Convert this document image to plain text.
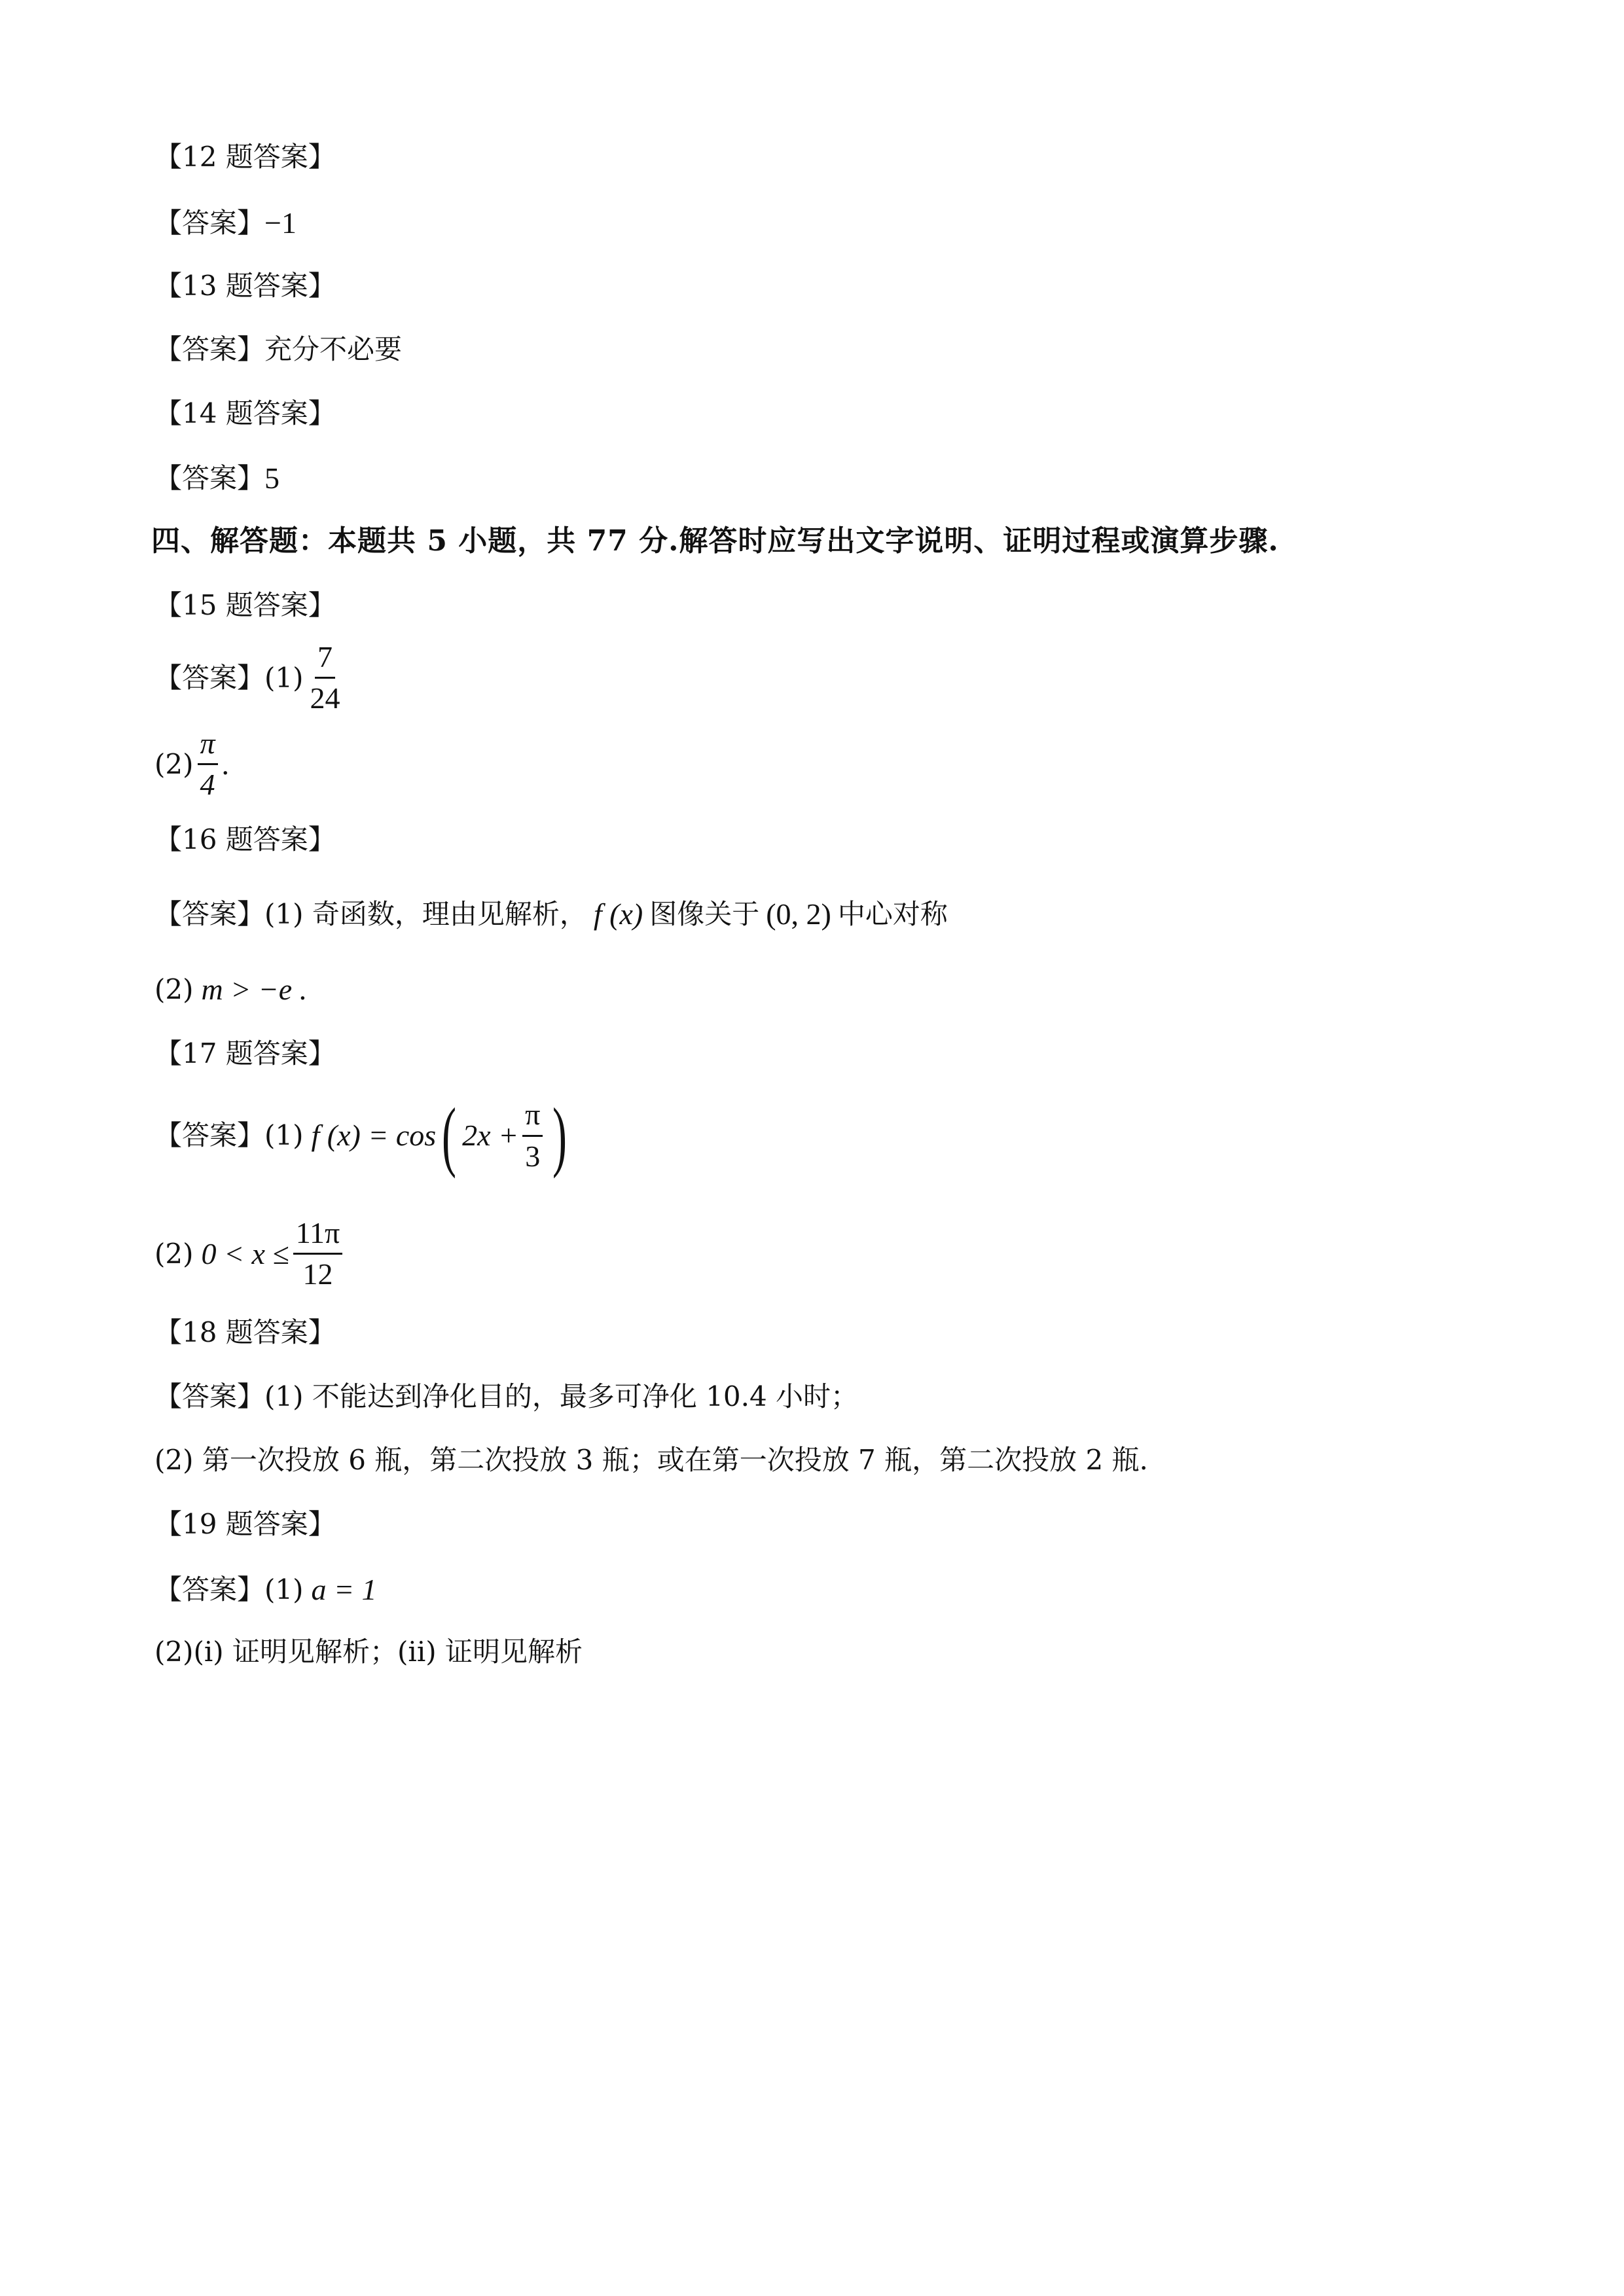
【12 题答案】
【答案】 −1
【13 题答案】
【答案】充分不必要
【14 题答案】
【答案】 5
四、解答题：本题共 5 小题，共 77 分.解答时应写出文字说明、证明过程或演算步骤.
【15 题答案】
【答案】$(1) \frac{7}{24}$
$(2) \frac{\pi}{4}$ .
【16 题答案】
【答案】(1) 奇函数，理由见解析， f (x) 图像关于 (0, 2) 中心对称
(2) m > −e .
【17 题答案】
【答案】(1) f (x) = cos ( $2x + \frac{\pi}{3}$ )
(2) $0 < x \le \frac{11\pi}{12}$
【18 题答案】
【答案】(1) 不能达到净化目的，最多可净化 10.4 小时；
(2) 第一次投放 6 瓶，第二次投放 3 瓶；或在第一次投放 7 瓶，第二次投放 2 瓶.
【19 题答案】
【答案】(1) a = 1
(2)(i) 证明见解析；(ii) 证明见解析
